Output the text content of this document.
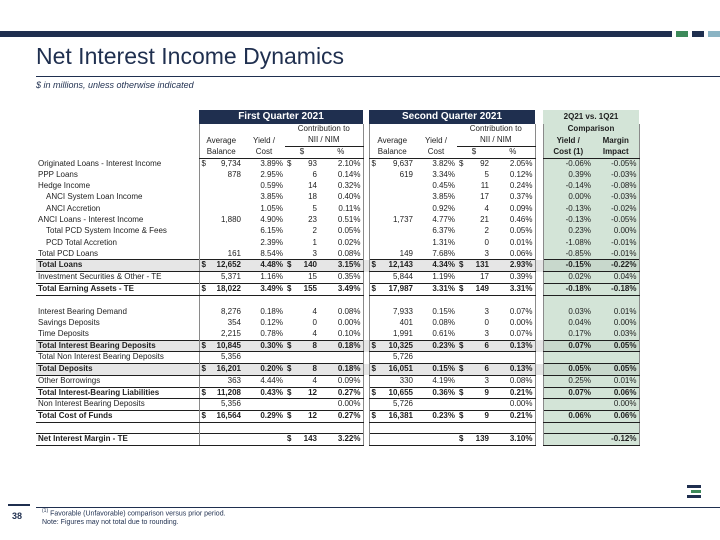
Net Interest Income Dynamics
$ in millions, unless otherwise indicated
	First Quarter 2021							Second Quarter 2021							2Q21 vs. 1Q21	
				Contribution to							Contribution to				Comparison	
	Average		Yield /	NII / NIM				Average		Yield /	NII / NIM				Yield /	Margin
	Balance		Cost	$		%		Balance		Cost	$		%		Cost (1)	Impact
Originated Loans - Interest Income	$	9,734	3.89%	$	93	2.10%		$	9,637	3.82%	$	92	2.05%		-0.06%	-0.05%
PPP Loans		878	2.95%		6	0.14%			619	3.34%		5	0.12%		0.39%	-0.03%
Hedge Income			0.59%		14	0.32%				0.45%		11	0.24%		-0.14%	-0.08%
ANCI System Loan Income			3.85%		18	0.40%				3.85%		17	0.37%		0.00%	-0.03%
ANCI Accretion			1.05%		5	0.11%				0.92%		4	0.09%		-0.13%	-0.02%
ANCI Loans - Interest Income		1,880	4.90%		23	0.51%			1,737	4.77%		21	0.46%		-0.13%	-0.05%
Total PCD System Income & Fees			6.15%		2	0.05%				6.37%		2	0.05%		0.23%	0.00%
PCD Total Accretion			2.39%		1	0.02%				1.31%		0	0.01%		-1.08%	-0.01%
Total PCD Loans		161	8.54%		3	0.08%			149	7.68%		3	0.06%		-0.85%	-0.01%
Total Loans	$	12,652	4.48%	$	140	3.15%		$	12,143	4.34%	$	131	2.93%		-0.15%	-0.22%
Investment Securities & Other - TE		5,371	1.16%		15	0.35%			5,844	1.19%		17	0.39%		0.02%	0.04%
Total Earning Assets - TE	$	18,022	3.49%	$	155	3.49%		$	17,987	3.31%	$	149	3.31%		-0.18%	-0.18%

Interest Bearing Demand		8,276	0.18%		4	0.08%			7,933	0.15%		3	0.07%		0.03%	0.01%
Savings Deposits		354	0.12%		0	0.00%			401	0.08%		0	0.00%		0.04%	0.00%
Time Deposits		2,215	0.78%		4	0.10%			1,991	0.61%		3	0.07%		0.17%	0.03%
Total Interest Bearing Deposits	$	10,845	0.30%	$	8	0.18%		$	10,325	0.23%	$	6	0.13%		0.07%	0.05%
Total Non Interest Bearing Deposits		5,356							5,726							
Total Deposits	$	16,201	0.20%	$	8	0.18%		$	16,051	0.15%	$	6	0.13%		0.05%	0.05%
Other Borrowings		363	4.44%		4	0.09%			330	4.19%		3	0.08%		0.25%	0.01%
Total Interest-Bearing Liabilities	$	11,208	0.43%	$	12	0.27%		$	10,655	0.36%	$	9	0.21%		0.07%	0.06%
Non Interest Bearing Deposits		5,356				0.00%			5,726				0.00%			0.00%
Total Cost of Funds	$	16,564	0.29%	$	12	0.27%		$	16,381	0.23%	$	9	0.21%		0.06%	0.06%

Net Interest Margin - TE				$	143	3.22%					$	139	3.10%			-0.12%
38	$^{(1)}$ Favorable (Unfavorable) comparison versus prior period.
Note: Figures may not total due to rounding.
